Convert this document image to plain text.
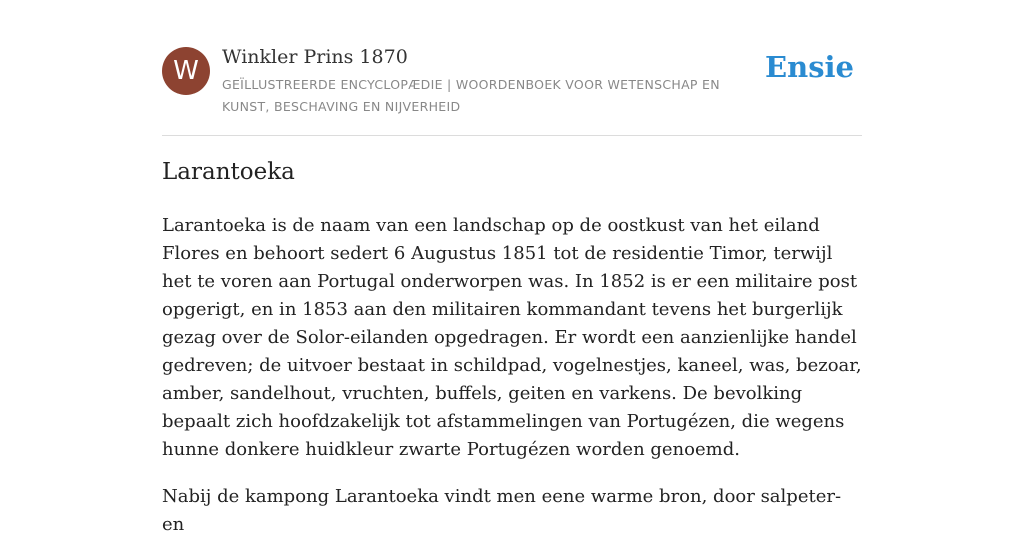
W	Winkler Prins 1870
GEÏLLUSTREERDE ENCYCLOPÆDIE | WOORDENBOEK VOOR WETENSCHAP EN KUNST, BESCHAVING EN NIJVERHEID
Ensie
Larantoeka

Larantoeka is de naam van een landschap op de oostkust van het eiland Flores en behoort sedert 6 Augustus 1851 tot de residentie Timor, terwijl het te voren aan Portugal onderworpen was. In 1852 is er een militaire post opgerigt, en in 1853 aan den militairen kommandant tevens het burgerlijk gezag over de Solor-eilanden opgedragen. Er wordt een aanzienlijke handel gedreven; de uitvoer bestaat in schildpad, vogelnestjes, kaneel, was, bezoar, amber, sandelhout, vruchten, buffels, geiten en varkens. De bevolking bepaalt zich hoofdzakelijk tot afstammelingen van Portugézen, die wegens hunne donkere huidkleur zwarte Portugézen worden genoemd.

Nabij de kampong Larantoeka vindt men eene warme bron, door salpeter- en
